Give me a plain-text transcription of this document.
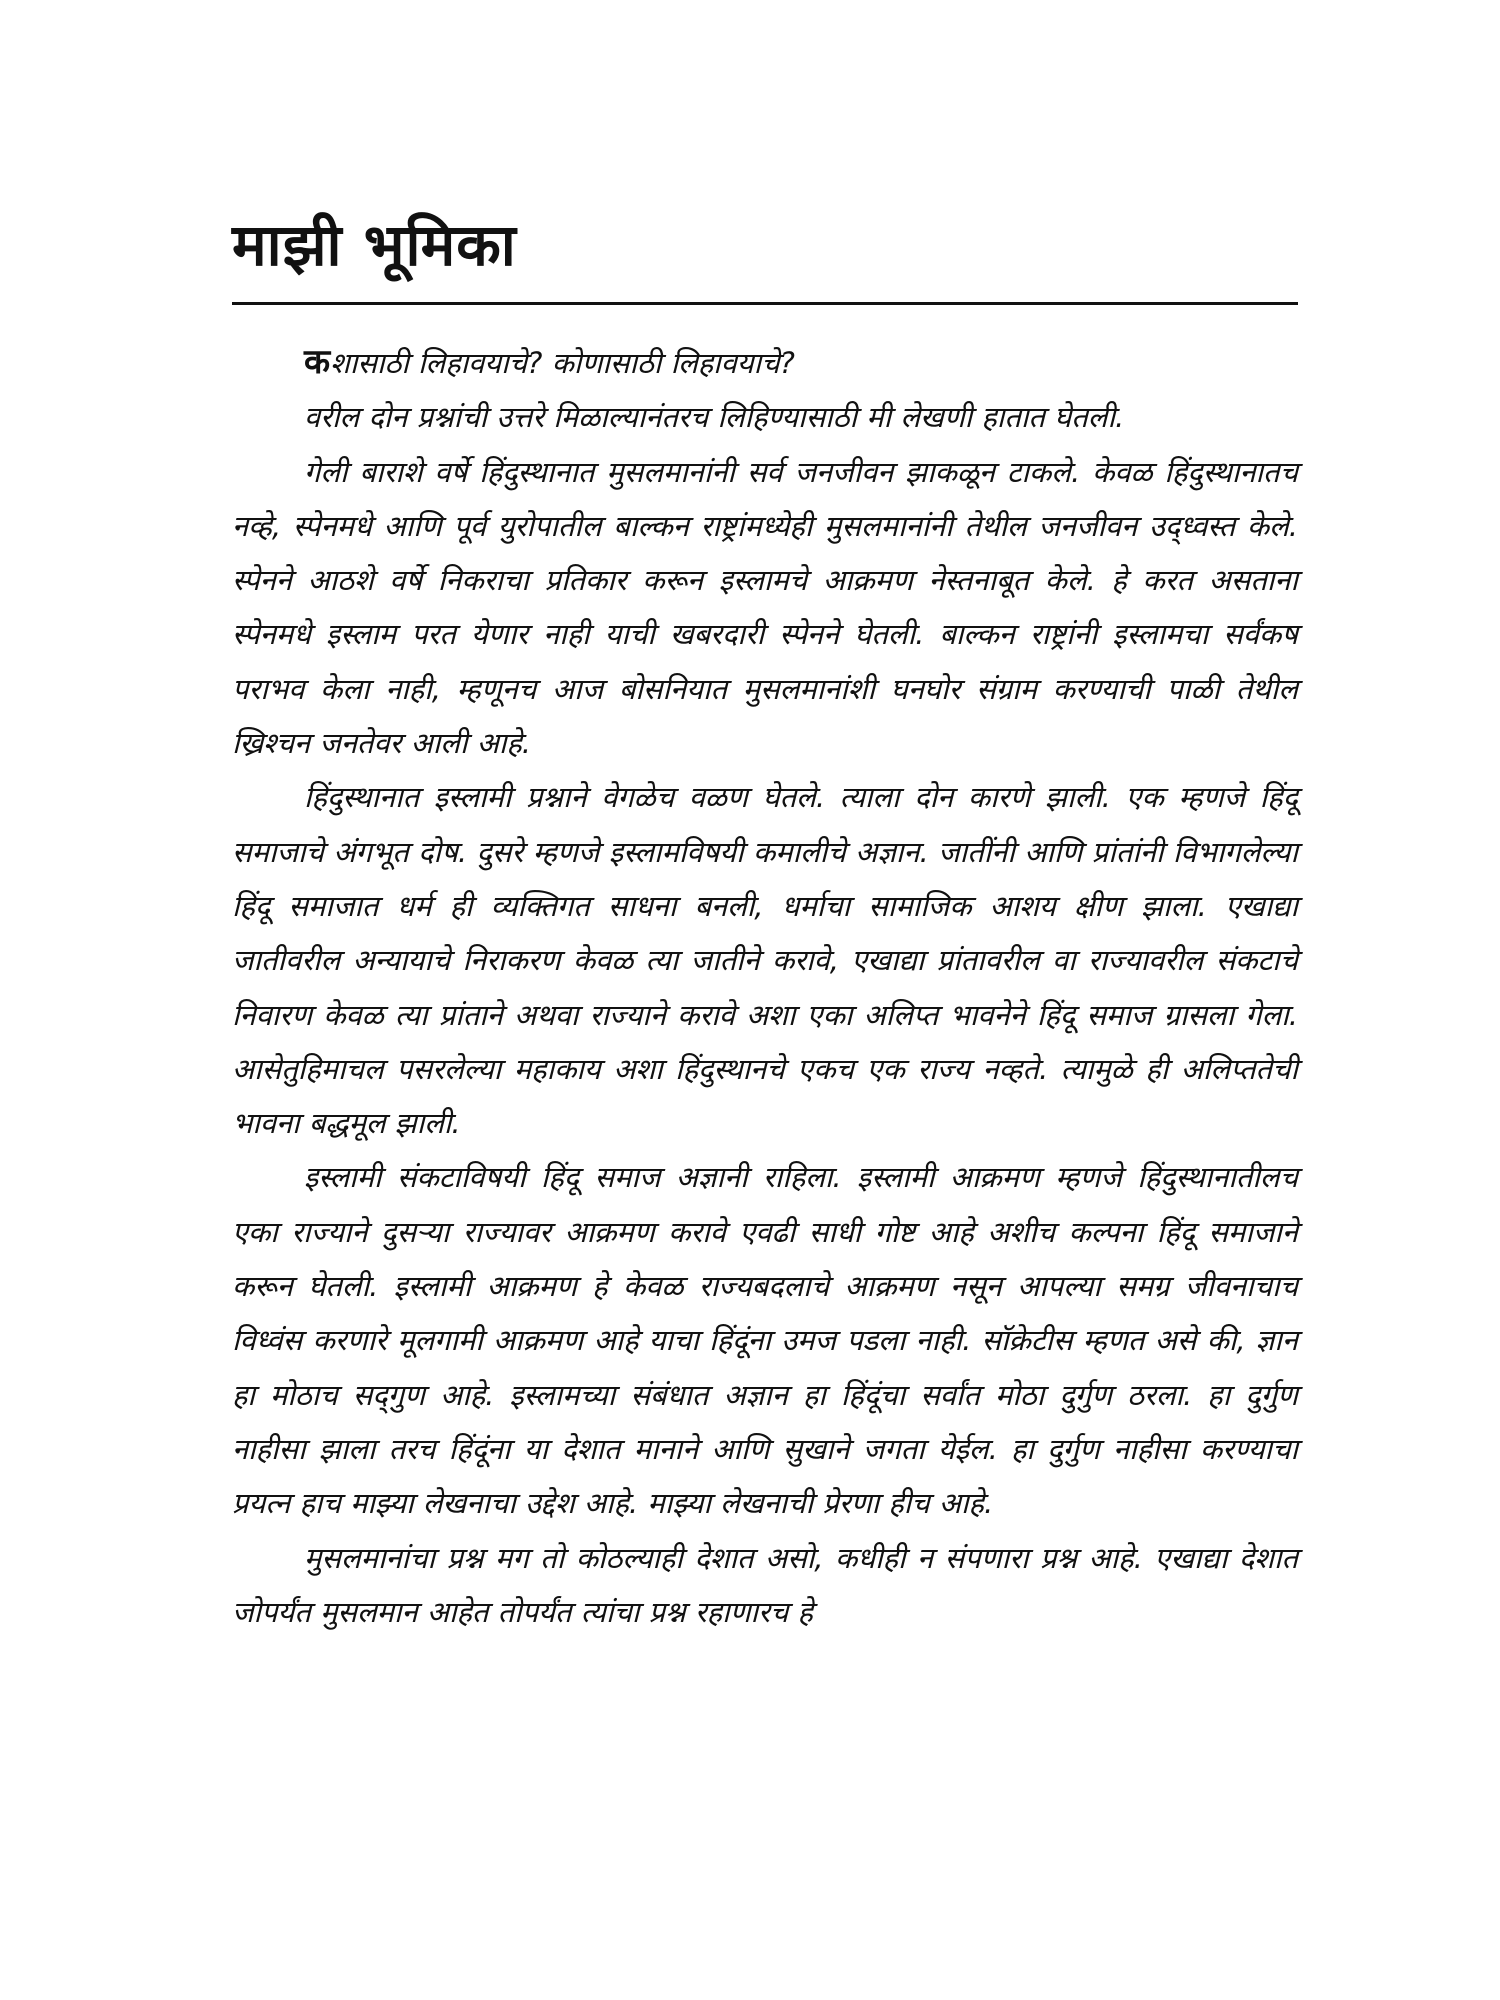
माझी भूमिका

कशासाठी लिहावयाचे? कोणासाठी लिहावयाचे?

वरील दोन प्रश्नांची उत्तरे मिळाल्यानंतरच लिहिण्यासाठी मी लेखणी हातात घेतली.

गेली बाराशे वर्षे हिंदुस्थानात मुसलमानांनी सर्व जनजीवन झाकळून टाकले. केवळ हिंदुस्थानातच नव्हे, स्पेनमधे आणि पूर्व युरोपातील बाल्कन राष्ट्रांमध्येही मुसलमानांनी तेथील जनजीवन उद्‌ध्वस्त केले. स्पेनने आठशे वर्षे निकराचा प्रतिकार करून इस्लामचे आक्रमण नेस्तनाबूत केले. हे करत असताना स्पेनमधे इस्लाम परत येणार नाही याची खबरदारी स्पेनने घेतली. बाल्कन राष्ट्रांनी इस्लामचा सर्वंकष पराभव केला नाही, म्हणूनच आज बोसनियात मुसलमानांशी घनघोर संग्राम करण्याची पाळी तेथील ख्रिश्चन जनतेवर आली आहे.

हिंदुस्थानात इस्लामी प्रश्नाने वेगळेच वळण घेतले. त्याला दोन कारणे झाली. एक म्हणजे हिंदू समाजाचे अंगभूत दोष. दुसरे म्हणजे इस्लामविषयी कमालीचे अज्ञान. जातींनी आणि प्रांतांनी विभागलेल्या हिंदू समाजात धर्म ही व्यक्तिगत साधना बनली, धर्माचा सामाजिक आशय क्षीण झाला. एखाद्या जातीवरील अन्यायाचे निराकरण केवळ त्या जातीने करावे, एखाद्या प्रांतावरील वा राज्यावरील संकटाचे निवारण केवळ त्या प्रांताने अथवा राज्याने करावे अशा एका अलिप्त भावनेने हिंदू समाज ग्रासला गेला. आसेतुहिमाचल पसरलेल्या महाकाय अशा हिंदुस्थानचे एकच एक राज्य नव्हते. त्यामुळे ही अलिप्ततेची भावना बद्धमूल झाली.

इस्लामी संकटाविषयी हिंदू समाज अज्ञानी राहिला. इस्लामी आक्रमण म्हणजे हिंदुस्थानातीलच एका राज्याने दुसऱ्या राज्यावर आक्रमण करावे एवढी साधी गोष्ट आहे अशीच कल्पना हिंदू समाजाने करून घेतली. इस्लामी आक्रमण हे केवळ राज्यबदलाचे आक्रमण नसून आपल्या समग्र जीवनाचाच विध्वंस करणारे मूलगामी आक्रमण आहे याचा हिंदूंना उमज पडला नाही. सॉक्रेटीस म्हणत असे की, ज्ञान हा मोठाच सद्‌गुण आहे. इस्लामच्या संबंधात अज्ञान हा हिंदूंचा सर्वांत मोठा दुर्गुण ठरला. हा दुर्गुण नाहीसा झाला तरच हिंदूंना या देशात मानाने आणि सुखाने जगता येईल. हा दुर्गुण नाहीसा करण्याचा प्रयत्न हाच माझ्या लेखनाचा उद्देश आहे. माझ्या लेखनाची प्रेरणा हीच आहे.

मुसलमानांचा प्रश्न मग तो कोठल्याही देशात असो, कधीही न संपणारा प्रश्न आहे. एखाद्या देशात जोपर्यंत मुसलमान आहेत तोपर्यंत त्यांचा प्रश्न रहाणारच हे
